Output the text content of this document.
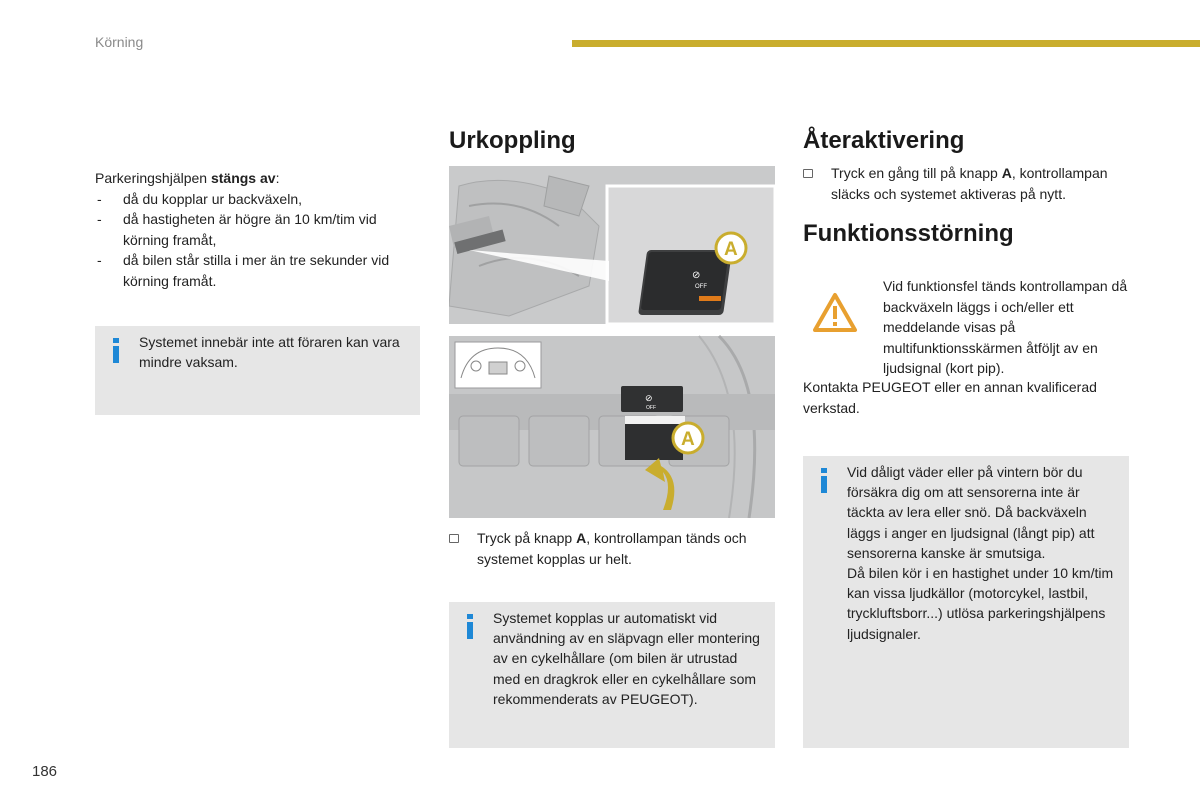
Körning
Parkeringshjälpen stängs av:
- då du kopplar ur backväxeln,
- då hastigheten är högre än 10 km/tim vid körning framåt,
- då bilen står stilla i mer än tre sekunder vid körning framåt.
Systemet innebär inte att föraren kan vara mindre vaksam.
Urkoppling
⊘
OFF
A
⊘
OFF
A
Tryck på knapp A, kontrollampan tänds och systemet kopplas ur helt.
Systemet kopplas ur automatiskt vid användning av en släpvagn eller montering av en cykelhållare (om bilen är utrustad med en dragkrok eller en cykelhållare som rekommenderats av PEUGEOT).
Återaktivering
Tryck en gång till på knapp A, kontrollampan släcks och systemet aktiveras på nytt.
Funktionsstörning
Vid funktionsfel tänds kontrollampan då backväxeln läggs i och/eller ett meddelande visas på multifunktionsskärmen åtföljt av en ljudsignal (kort pip).
Kontakta PEUGEOT eller en annan kvalificerad verkstad.
Vid dåligt väder eller på vintern bör du försäkra dig om att sensorerna inte är täckta av lera eller snö. Då backväxeln läggs i anger en ljudsignal (långt pip) att sensorerna kanske är smutsiga.
Då bilen kör i en hastighet under 10 km/tim kan vissa ljudkällor (motorcykel, lastbil, tryckluftsborr...) utlösa parkeringshjälpens ljudsignaler.
186
